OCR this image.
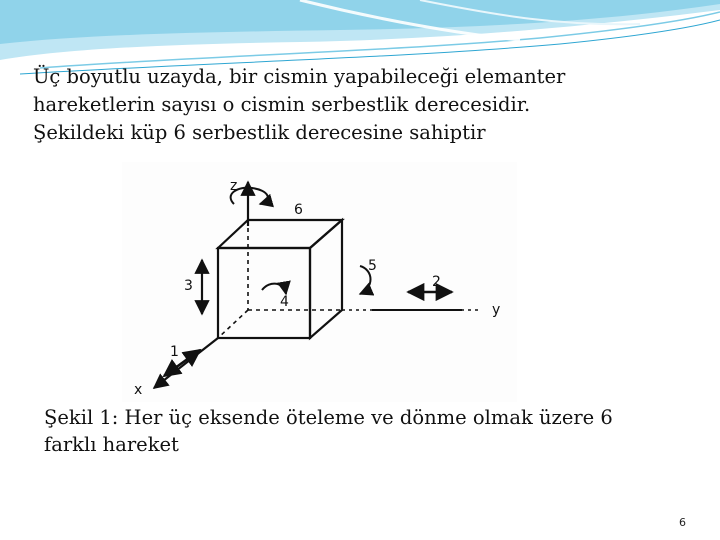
Üç boyutlu uzayda, bir cismin yapabileceği elemanter
hareketlerin sayısı o cismin serbestlik derecesidir.
Şekildeki küp 6 serbestlik derecesine sahiptir
z
6
3
4
5
y
2
x
1
Şekil 1: Her üç eksende öteleme ve dönme olmak üzere 6 farklı hareket
6
